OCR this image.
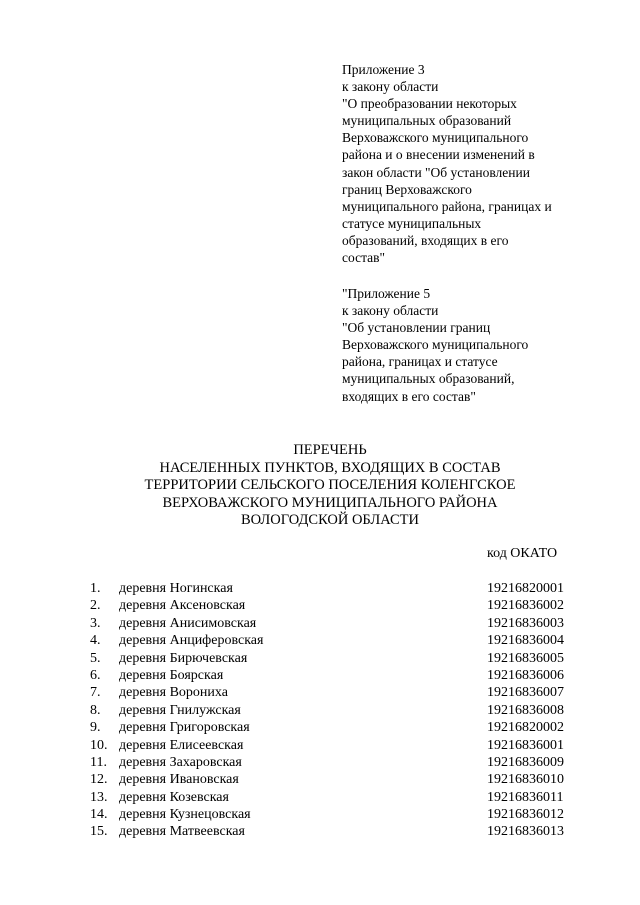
Приложение 3
к закону области
"О преобразовании некоторых
муниципальных образований
Верховажского муниципального
района и о внесении изменений в
закон области "Об установлении
границ Верховажского
муниципального района, границах и
статусе муниципальных
образований, входящих в его
состав"
"Приложение 5
к закону области
"Об установлении границ
Верховажского муниципального
района, границах и статусе
муниципальных образований,
входящих в его состав"
ПЕРЕЧЕНЬ
НАСЕЛЕННЫХ ПУНКТОВ, ВХОДЯЩИХ В СОСТАВ
ТЕРРИТОРИИ СЕЛЬСКОГО ПОСЕЛЕНИЯ КОЛЕНГСКОЕ
ВЕРХОВАЖСКОГО МУНИЦИПАЛЬНОГО РАЙОНА
ВОЛОГОДСКОЙ ОБЛАСТИ
код ОКАТО
1. деревня Ногинская	19216820001
2. деревня Аксеновская	19216836002
3. деревня Анисимовская	19216836003
4. деревня Анциферовская	19216836004
5. деревня Бирючевская	19216836005
6. деревня Боярская	19216836006
7. деревня Ворониха	19216836007
8. деревня Гнилужская	19216836008
9. деревня Григоровская	19216820002
10. деревня Елисеевская	19216836001
11. деревня Захаровская	19216836009
12. деревня Ивановская	19216836010
13. деревня Козевская	19216836011
14. деревня Кузнецовская	19216836012
15. деревня Матвеевская	19216836013
